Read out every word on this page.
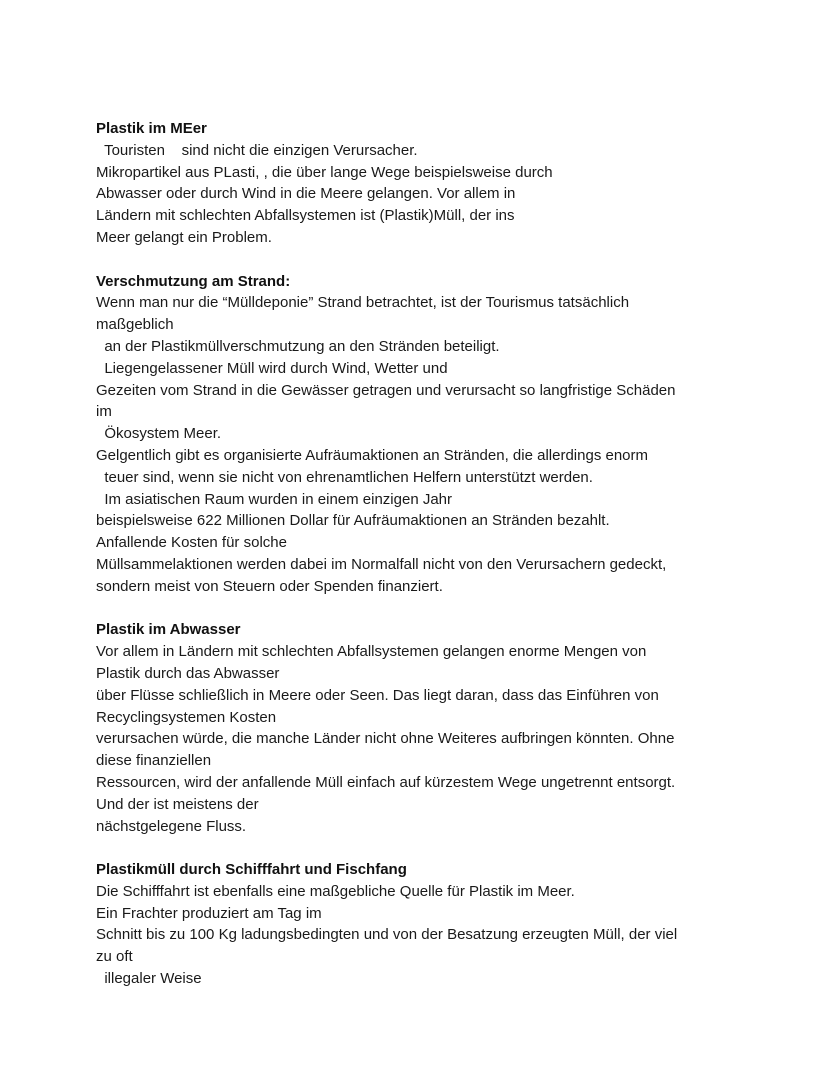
Plastik im MEer
Touristen    sind nicht die einzigen Verursacher.
Mikropartikel aus PLasti, , die über lange Wege beispielsweise durch
Abwasser oder durch Wind in die Meere gelangen. Vor allem in
Ländern mit schlechten Abfallsystemen ist (Plastik)Müll, der ins
Meer gelangt ein Problem.
Verschmutzung am Strand:
Wenn man nur die “Mülldeponie” Strand betrachtet, ist der Tourismus tatsächlich
maßgeblich
an der Plastikmüllverschmutzung an den Stränden beteiligt.
Liegengelassener Müll wird durch Wind, Wetter und
Gezeiten vom Strand in die Gewässer getragen und verursacht so langfristige Schäden
im
Ökosystem Meer.
Gelgentlich gibt es organisierte Aufräumaktionen an Stränden, die allerdings enorm
teuer sind, wenn sie nicht von ehrenamtlichen Helfern unterstützt werden.
Im asiatischen Raum wurden in einem einzigen Jahr
beispielsweise 622 Millionen Dollar für Aufräumaktionen an Stränden bezahlt.
Anfallende Kosten für solche
Müllsammelaktionen werden dabei im Normalfall nicht von den Verursachern gedeckt,
sondern meist von Steuern oder Spenden finanziert.
Plastik im Abwasser
Vor allem in Ländern mit schlechten Abfallsystemen gelangen enorme Mengen von
Plastik durch das Abwasser
über Flüsse schließlich in Meere oder Seen. Das liegt daran, dass das Einführen von
Recyclingsystemen Kosten
verursachen würde, die manche Länder nicht ohne Weiteres aufbringen könnten. Ohne
diese finanziellen
Ressourcen, wird der anfallende Müll einfach auf kürzestem Wege ungetrennt entsorgt.
Und der ist meistens der
nächstgelegene Fluss.
Plastikmüll durch Schifffahrt und Fischfang
Die Schifffahrt ist ebenfalls eine maßgebliche Quelle für Plastik im Meer.
Ein Frachter produziert am Tag im
Schnitt bis zu 100 Kg ladungsbedingten und von der Besatzung erzeugten Müll, der viel
zu oft
illegaler Weise
